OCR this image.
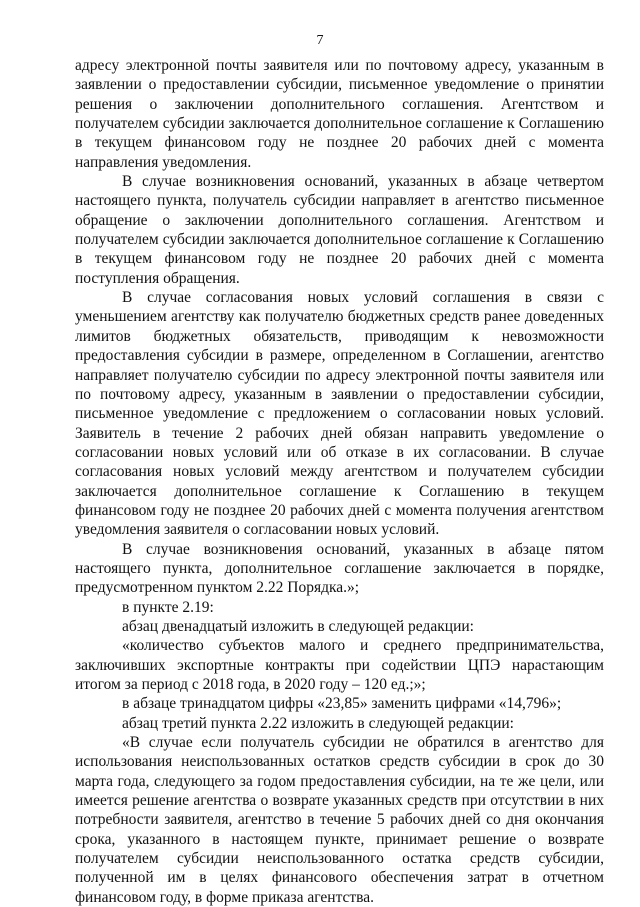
7

адресу электронной почты заявителя или по почтовому адресу, указанным в заявлении о предоставлении субсидии, письменное уведомление о принятии решения о заключении дополнительного соглашения. Агентством и получателем субсидии заключается дополнительное соглашение к Соглашению в текущем финансовом году не позднее 20 рабочих дней с момента направления уведомления.

В случае возникновения оснований, указанных в абзаце четвертом настоящего пункта, получатель субсидии направляет в агентство письменное обращение о заключении дополнительного соглашения. Агентством и получателем субсидии заключается дополнительное соглашение к Соглашению в текущем финансовом году не позднее 20 рабочих дней с момента поступления обращения.

В случае согласования новых условий соглашения в связи с уменьшением агентству как получателю бюджетных средств ранее доведенных лимитов бюджетных обязательств, приводящим к невозможности предоставления субсидии в размере, определенном в Соглашении, агентство направляет получателю субсидии по адресу электронной почты заявителя или по почтовому адресу, указанным в заявлении о предоставлении субсидии, письменное уведомление с предложением о согласовании новых условий. Заявитель в течение 2 рабочих дней обязан направить уведомление о согласовании новых условий или об отказе в их согласовании. В случае согласования новых условий между агентством и получателем субсидии заключается дополнительное соглашение к Соглашению в текущем финансовом году не позднее 20 рабочих дней с момента получения агентством уведомления заявителя о согласовании новых условий.

В случае возникновения оснований, указанных в абзаце пятом настоящего пункта, дополнительное соглашение заключается в порядке, предусмотренном пунктом 2.22 Порядка.»;

в пункте 2.19:

абзац двенадцатый изложить в следующей редакции:

«количество субъектов малого и среднего предпринимательства, заключивших экспортные контракты при содействии ЦПЭ нарастающим итогом за период с 2018 года, в 2020 году – 120 ед.;»;

в абзаце тринадцатом цифры «23,85» заменить цифрами «14,796»;

абзац третий пункта 2.22 изложить в следующей редакции:

«В случае если получатель субсидии не обратился в агентство для использования неиспользованных остатков средств субсидии в срок до 30 марта года, следующего за годом предоставления субсидии, на те же цели, или имеется решение агентства о возврате указанных средств при отсутствии в них потребности заявителя, агентство в течение 5 рабочих дней со дня окончания срока, указанного в настоящем пункте, принимает решение о возврате получателем субсидии неиспользованного остатка средств субсидии, полученной им в целях финансового обеспечения затрат в отчетном финансовом году, в форме приказа агентства.
